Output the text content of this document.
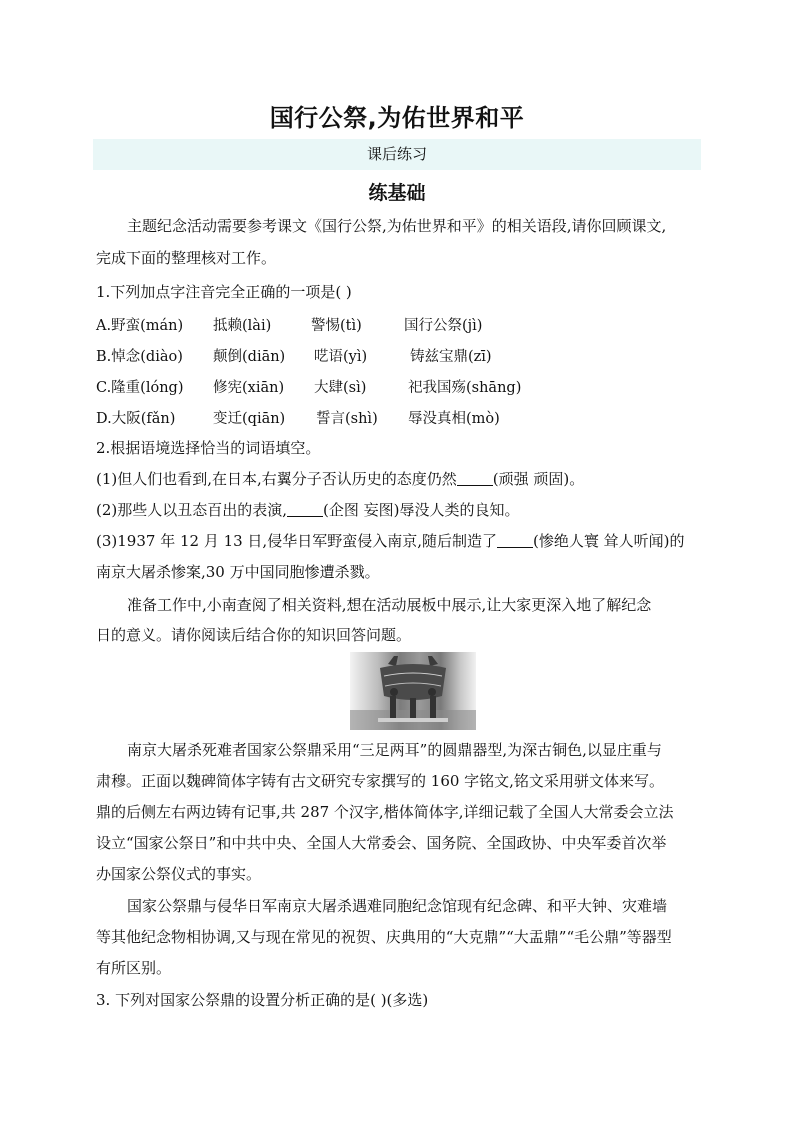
国行公祭,为佑世界和平
课后练习
练基础
主题纪念活动需要参考课文《国行公祭,为佑世界和平》的相关语段,请你回顾课文,
完成下面的整理核对工作。
1.下列加点字注音完全正确的一项是( )
A.野蛮(mán) 抵赖(lài)	警惕(tì)	国行公祭(jì)
B.悼念(diào) 颠倒(diān) 呓语(yì)	铸兹宝鼎(zī)
C.隆重(lóng) 修宪(xiān) 大肆(sì)	祀我国殇(shāng)
D.大阪(fǎn)	变迁(qiān) 誓言(shì) 辱没真相(mò)
2.根据语境选择恰当的词语填空。
(1)但人们也看到,在日本,右翼分子否认历史的态度仍然 (顽强 顽固)。
(2)那些人以丑态百出的表演, (企图 妄图)辱没人类的良知。
(3)1937 年 12 月 13 日,侵华日军野蛮侵入南京,随后制造了 (惨绝人寰 耸人听闻)的
南京大屠杀惨案,30 万中国同胞惨遭杀戮。
准备工作中,小南查阅了相关资料,想在活动展板中展示,让大家更深入地了解纪念
日的意义。请你阅读后结合你的知识回答问题。
南京大屠杀死难者国家公祭鼎采用“三足两耳”的圆鼎器型,为深古铜色,以显庄重与
肃穆。正面以魏碑简体字铸有古文研究专家撰写的 160 字铭文,铭文采用骈文体来写。
鼎的后侧左右两边铸有记事,共 287 个汉字,楷体简体字,详细记载了全国人大常委会立法
设立“国家公祭日”和中共中央、全国人大常委会、国务院、全国政协、中央军委首次举
办国家公祭仪式的事实。
国家公祭鼎与侵华日军南京大屠杀遇难同胞纪念馆现有纪念碑、和平大钟、灾难墙
等其他纪念物相协调,又与现在常见的祝贺、庆典用的“大克鼎”“大盂鼎”“毛公鼎”等器型
有所区别。
3. 下列对国家公祭鼎的设置分析正确的是( )(多选)
